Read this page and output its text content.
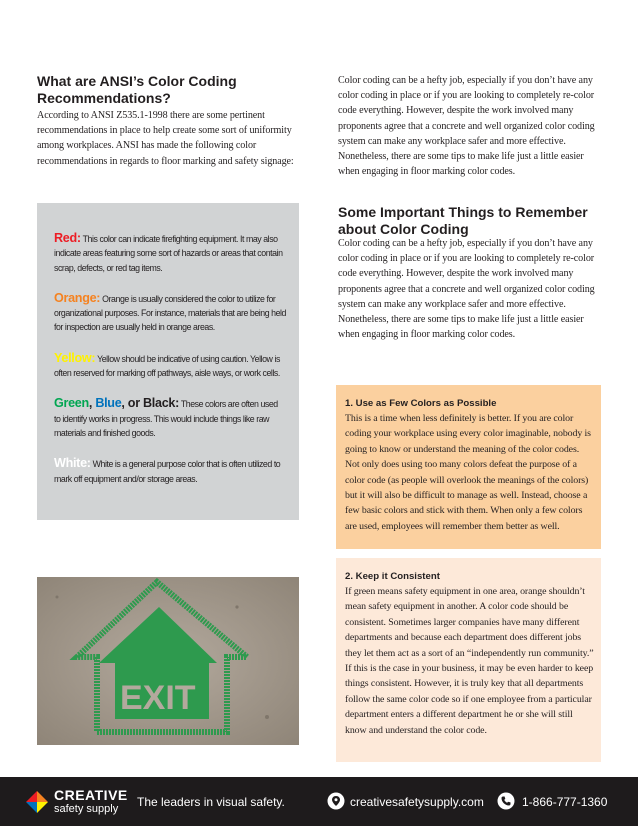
What are ANSI’s Color Coding Recommendations?

According to ANSI Z535.1-1998 there are some pertinent recommendations in place to help create some sort of uniformity among workplaces. ANSI has made the following color recommendations in regards to floor marking and safety signage:

Red: This color can indicate firefighting equipment. It may also indicate areas featuring some sort of hazards or areas that contain scrap, defects, or red tag items.

Orange: Orange is usually considered the color to utilize for organizational purposes. For instance, materials that are being held for inspection are usually held in orange areas.

Yellow: Yellow should be indicative of using caution. Yellow is often reserved for marking off pathways, aisle ways, or work cells.

Green, Blue, or Black: These colors are often used to identify works in progress. This would include things like raw materials and finished goods.

White: White is a general purpose color that is often utilized to mark off equipment and/or storage areas.

EXIT

Color coding can be a hefty job, especially if you don’t have any color coding in place or if you are looking to completely re-color code everything. However, despite the work involved many proponents agree that a concrete and well organized color coding system can make any workplace safer and more effective. Nonetheless, there are some tips to make life just a little easier when engaging in floor marking color codes.

Some Important Things to Remember about Color Coding

Color coding can be a hefty job, especially if you don’t have any color coding in place or if you are looking to completely re-color code everything. However, despite the work involved many proponents agree that a concrete and well organized color coding system can make any workplace safer and more effective. Nonetheless, there are some tips to make life just a little easier when engaging in floor marking color codes.

1. Use as Few Colors as Possible

This is a time when less definitely is better. If you are color coding your workplace using every color imaginable, nobody is going to know or understand the meaning of the color codes. Not only does using too many colors defeat the purpose of a color code (as people will overlook the meanings of the colors) but it will also be difficult to manage as well. Instead, choose a few basic colors and stick with them. When only a few colors are used, employees will remember them better as well.

2. Keep it Consistent

If green means safety equipment in one area, orange shouldn’t mean safety equipment in another. A color code should be consistent. Sometimes larger companies have many different departments and because each department does different jobs they let them act as a sort of an “independently run community.” If this is the case in your business, it may be even harder to keep things consistent. However, it is truly key that all departments follow the same color code so if one employee from a particular department enters a different department he or she will still know and understand the color code.

CREATIVE
safety supply The leaders in visual safety.	creativesafetysupply.com	1-866-777-1360
